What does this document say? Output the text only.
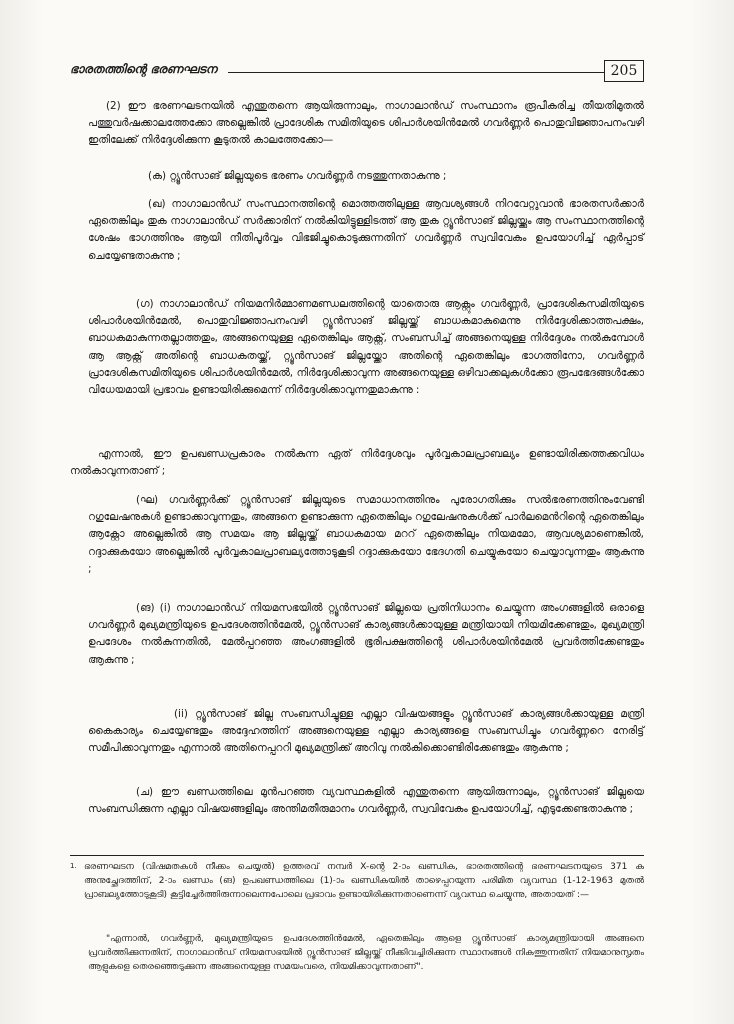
ഭാരതത്തിന്റെ ഭരണഘടന	205

(2) ഈ ഭരണഘടനയിൽ എന്തുതന്നെ ആയിരുന്നാലും, നാഗാലാൻഡ് സംസ്ഥാനം രൂപീകരിച്ച തീയതിമുതൽ പത്തുവർഷക്കാലത്തേക്കോ അല്ലെങ്കിൽ പ്രാദേശിക സമിതിയുടെ ശിപാർശയിൻമേൽ ഗവർണ്ണർ പൊതുവിജ്ഞാപനംവഴി ഇതിലേക്ക് നിർദ്ദേശിക്കുന്ന കൂടുതൽ കാലത്തേക്കോ—

(ക) റ്റ്യൂൻസാങ് ജില്ലയുടെ ഭരണം ഗവർണ്ണർ നടത്തുന്നതാകുന്നു ;

(ഖ) നാഗാലാൻഡ് സംസ്ഥാനത്തിന്റെ മൊത്തത്തിലുള്ള ആവശ്യങ്ങൾ നിറവേറ്റുവാൻ ഭാരതസർക്കാർ ഏതെങ്കിലും തുക നാഗാലാൻഡ് സർക്കാരിന് നൽകിയിട്ടുള്ളിടത്ത് ആ തുക റ്റ്യൂൻസാങ് ജില്ലയ്ക്കും ആ സംസ്ഥാനത്തിന്റെ ശേഷം ഭാഗത്തിനും ആയി നീതിപൂർവ്വം വിഭജിച്ചുകൊടുക്കുന്നതിന് ഗവർണ്ണർ സ്വവിവേകം ഉപയോഗിച്ച് ഏർപ്പാട് ചെയ്യേണ്ടതാകുന്നു ;

(ഗ) നാഗാലാൻഡ് നിയമനിർമ്മാണമണ്ഡലത്തിന്റെ യാതൊരു ആക്റ്റും ഗവർണ്ണർ, പ്രാദേശികസമിതിയുടെ ശിപാർശയിൻമേൽ, പൊതുവിജ്ഞാപനംവഴി റ്റ്യൂൻസാങ് ജില്ലയ്ക്ക് ബാധകമാകുമെന്നു നിർദ്ദേശിക്കാത്തപക്ഷം, ബാധകമാകുന്നതല്ലാത്തതും, അങ്ങനെയുള്ള ഏതെങ്കിലും ആക്റ്റ്, സംബന്ധിച്ച് അങ്ങനെയുള്ള നിർദ്ദേശം നൽകുമ്പോൾ ആ ആക്റ്റ് അതിന്റെ ബാധകതയ്ക്ക്, റ്റ്യൂൻസാങ് ജില്ലയ്ക്കോ അതിന്റെ ഏതെങ്കിലും ഭാഗത്തിനോ, ഗവർണ്ണർ പ്രാദേശികസമിതിയുടെ ശിപാർശയിൻമേൽ, നിർദ്ദേശിക്കാവുന്ന അങ്ങനെയുള്ള ഒഴിവാക്കലുകൾക്കോ രൂപഭേദങ്ങൾക്കോ വിധേയമായി പ്രഭാവം ഉണ്ടായിരിക്കുമെന്ന് നിർദ്ദേശിക്കാവുന്നതുമാകുന്നു :

എന്നാൽ, ഈ ഉപഖണ്ഡപ്രകാരം നൽകുന്ന ഏത് നിർദ്ദേശവും പൂർവ്വകാലപ്രാബല്യം ഉണ്ടായിരിക്കത്തക്കവിധം നൽകാവുന്നതാണ് ;

(ഘ) ഗവർണ്ണർക്ക് റ്റ്യൂൻസാങ് ജില്ലയുടെ സമാധാനത്തിനും പുരോഗതിക്കും സൽഭരണത്തിനുംവേണ്ടി റഗുലേഷനുകൾ ഉണ്ടാക്കാവുന്നതും, അങ്ങനെ ഉണ്ടാക്കുന്ന ഏതെങ്കിലും റഗുലേഷനുകൾക്ക് പാർലമെൻറിന്റെ ഏതെങ്കിലും ആക്റ്റോ അല്ലെങ്കിൽ ആ സമയം ആ ജില്ലയ്ക്ക് ബാധകമായ മററ് ഏതെങ്കിലും നിയമമോ, ആവശ്യമാണെങ്കിൽ, റദ്ദാക്കുകയോ അല്ലെങ്കിൽ പൂർവ്വകാലപ്രാബല്യത്തോടുകൂടി റദ്ദാക്കുകയോ ഭേദഗതി ചെയ്യുകയോ ചെയ്യാവുന്നതും ആകുന്നു ;

(ങ) (i) നാഗാലാൻഡ് നിയമസഭയിൽ റ്റ്യൂൻസാങ് ജില്ലയെ പ്രതിനിധാനം ചെയ്യുന്ന അംഗങ്ങളിൽ ഒരാളെ ഗവർണ്ണർ മുഖ്യമന്ത്രിയുടെ ഉപദേശത്തിൻമേൽ, റ്റ്യൂൻസാങ് കാര്യങ്ങൾക്കായുള്ള മന്ത്രിയായി നിയമിക്കേണ്ടതും, മുഖ്യമന്ത്രി ഉപദേശം നൽകുന്നതിൽ, മേൽപ്പറഞ്ഞ അംഗങ്ങളിൽ ഭൂരിപക്ഷത്തിന്റെ ശിപാർശയിൻമേൽ പ്രവർത്തിക്കേണ്ടതും ആകുന്നു ;

(ii) റ്റ്യൂൻസാങ് ജില്ല സംബന്ധിച്ചുള്ള എല്ലാ വിഷയങ്ങളും റ്റ്യൂൻസാങ് കാര്യങ്ങൾക്കായുള്ള മന്ത്രി കൈകാര്യം ചെയ്യേണ്ടതും അദ്ദേഹത്തിന് അങ്ങനെയുള്ള എല്ലാ കാര്യങ്ങളെ സംബന്ധിച്ചും ഗവർണ്ണറെ നേരിട്ട് സമീപിക്കാവുന്നതും എന്നാൽ അതിനെപ്പററി മുഖ്യമന്ത്രിക്ക് അറിവു നൽകിക്കൊണ്ടിരിക്കേണ്ടതും ആകുന്നു ;

(ച) ഈ ഖണ്ഡത്തിലെ മുൻപറഞ്ഞ വ്യവസ്ഥകളിൽ എന്തുതന്നെ ആയിരുന്നാലും, റ്റ്യൂൻസാങ് ജില്ലയെ സംബന്ധിക്കുന്ന എല്ലാ വിഷയങ്ങളിലും അന്തിമതീരുമാനം ഗവർണ്ണർ, സ്വവിവേകം ഉപയോഗിച്ച്, എടുക്കേണ്ടതാകുന്നു ;

1. ഭരണഘടന (വിഷമതകൾ നീക്കം ചെയ്യൽ) ഉത്തരവ് നമ്പർ X-ന്റെ 2-ാം ഖണ്ഡിക, ഭാരതത്തിന്റെ ഭരണഘടനയുടെ 371 ക അനുച്ഛേദത്തിന്, 2-ാം ഖണ്ഡം (ങ) ഉപഖണ്ഡത്തിലെ (1)-ാം ഖണ്ഡികയിൽ താഴെപ്പറയുന്ന പരിമിത വ്യവസ്ഥ (1-12-1963 മുതൽ പ്രാബല്യത്തോടുകൂടി) കൂട്ടിച്ചേർത്തിരുന്നാലെന്നപോലെ പ്രഭാവം ഉണ്ടായിരിക്കുന്നതാണെന്ന് വ്യവസ്ഥ ചെയ്യുന്നു, അതായത് :—

"എന്നാൽ, ഗവർണ്ണർ, മുഖ്യമന്ത്രിയുടെ ഉപദേശത്തിൻമേൽ, ഏതെങ്കിലും ആളെ റ്റ്യൂൻസാങ് കാര്യമന്ത്രിയായി അങ്ങനെ പ്രവർത്തിക്കുന്നതിന്, നാഗാലാൻഡ് നിയമസഭയിൽ റ്റ്യൂൻസാങ് ജില്ലയ്ക്ക് നീക്കിവച്ചിരിക്കുന്ന സ്ഥാനങ്ങൾ നികത്തുന്നതിന് നിയമാനുസൃതം ആളുകളെ തെരഞ്ഞെടുക്കുന്ന അങ്ങനെയുള്ള സമയംവരെ, നിയമിക്കാവുന്നതാണ്".
